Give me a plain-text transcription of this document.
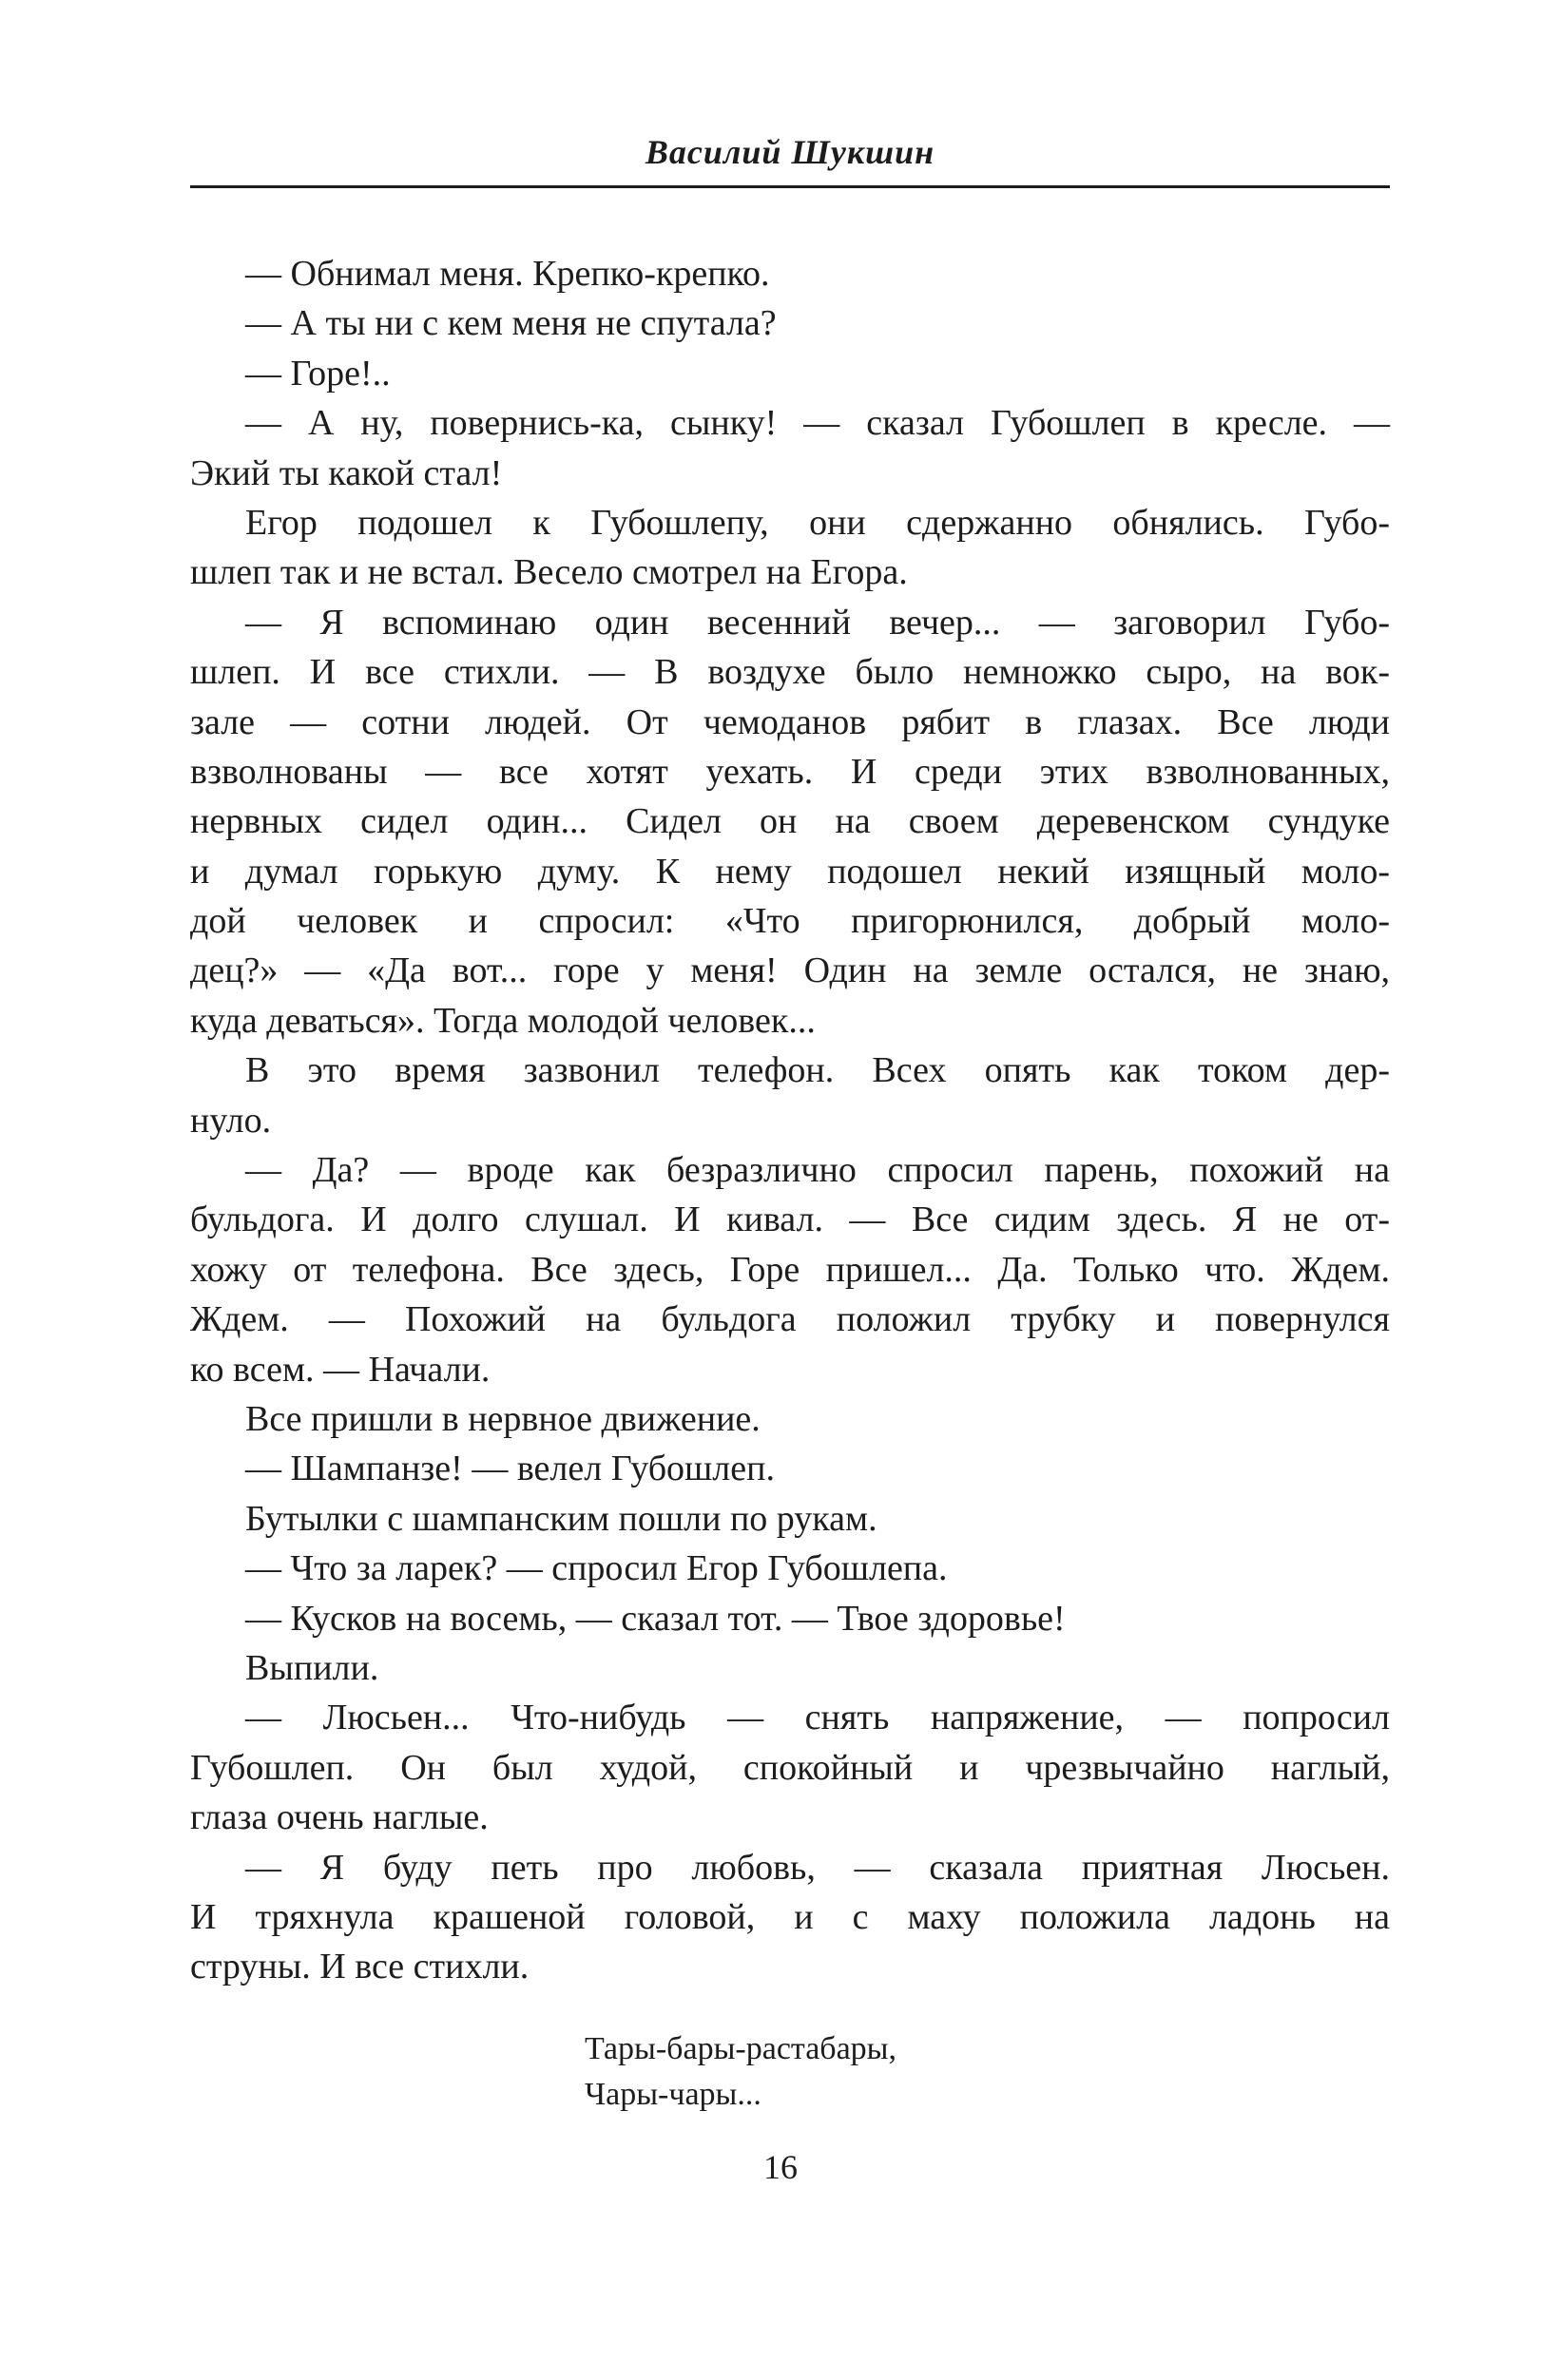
Василий Шукшин
— Обнимал меня. Крепко-крепко.
— А ты ни с кем меня не спутала?
— Горе!..
— А ну, повернись-ка, сынку! — сказал Губошлеп в кресле. —
Экий ты какой стал!
Егор подошел к Губошлепу, они сдержанно обнялись. Губо-
шлеп так и не встал. Весело смотрел на Егора.
— Я вспоминаю один весенний вечер... — заговорил Губо-
шлеп. И все стихли. — В воздухе было немножко сыро, на вок-
зале — сотни людей. От чемоданов рябит в глазах. Все люди
взволнованы — все хотят уехать. И среди этих взволнованных,
нервных сидел один... Сидел он на своем деревенском сундуке
и думал горькую думу. К нему подошел некий изящный моло-
дой человек и спросил: «Что пригорюнился, добрый моло-
дец?» — «Да вот... горе у меня! Один на земле остался, не знаю,
куда деваться». Тогда молодой человек...
В это время зазвонил телефон. Всех опять как током дер-
нуло.
— Да? — вроде как безразлично спросил парень, похожий на
бульдога. И долго слушал. И кивал. — Все сидим здесь. Я не от-
хожу от телефона. Все здесь, Горе пришел... Да. Только что. Ждем.
Ждем. — Похожий на бульдога положил трубку и повернулся
ко всем. — Начали.
Все пришли в нервное движение.
— Шампанзе! — велел Губошлеп.
Бутылки с шампанским пошли по рукам.
— Что за ларек? — спросил Егор Губошлепа.
— Кусков на восемь, — сказал тот. — Твое здоровье!
Выпили.
— Люсьен... Что-нибудь — снять напряжение, — попросил
Губошлеп. Он был худой, спокойный и чрезвычайно наглый,
глаза очень наглые.
— Я буду петь про любовь, — сказала приятная Люсьен.
И тряхнула крашеной головой, и с маху положила ладонь на
струны. И все стихли.
Тары-бары-растабары,
Чары-чары...
16
